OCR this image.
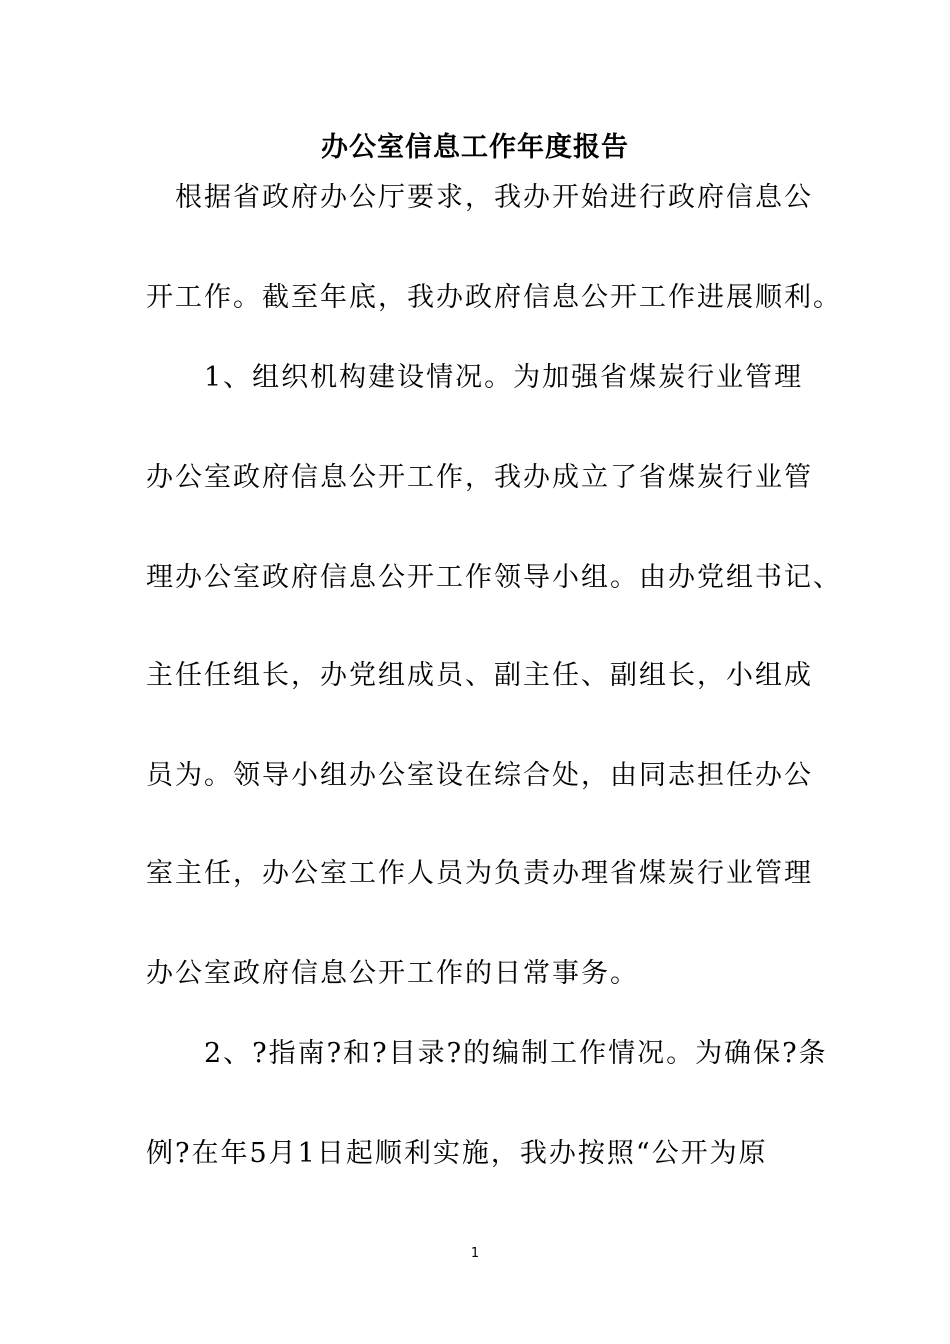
办公室信息工作年度报告
　根据省政府办公厅要求，我办开始进行政府信息公
开工作。截至年底，我办政府信息公开工作进展顺利。
　　1、组织机构建设情况。为加强省煤炭行业管理
办公室政府信息公开工作，我办成立了省煤炭行业管
理办公室政府信息公开工作领导小组。由办党组书记、
主任任组长，办党组成员、副主任、副组长，小组成
员为。领导小组办公室设在综合处，由同志担任办公
室主任，办公室工作人员为负责办理省煤炭行业管理
办公室政府信息公开工作的日常事务。
　　2、?指南?和?目录?的编制工作情况。为确保?条
例?在年5月1日起顺利实施，我办按照“公开为原
1
